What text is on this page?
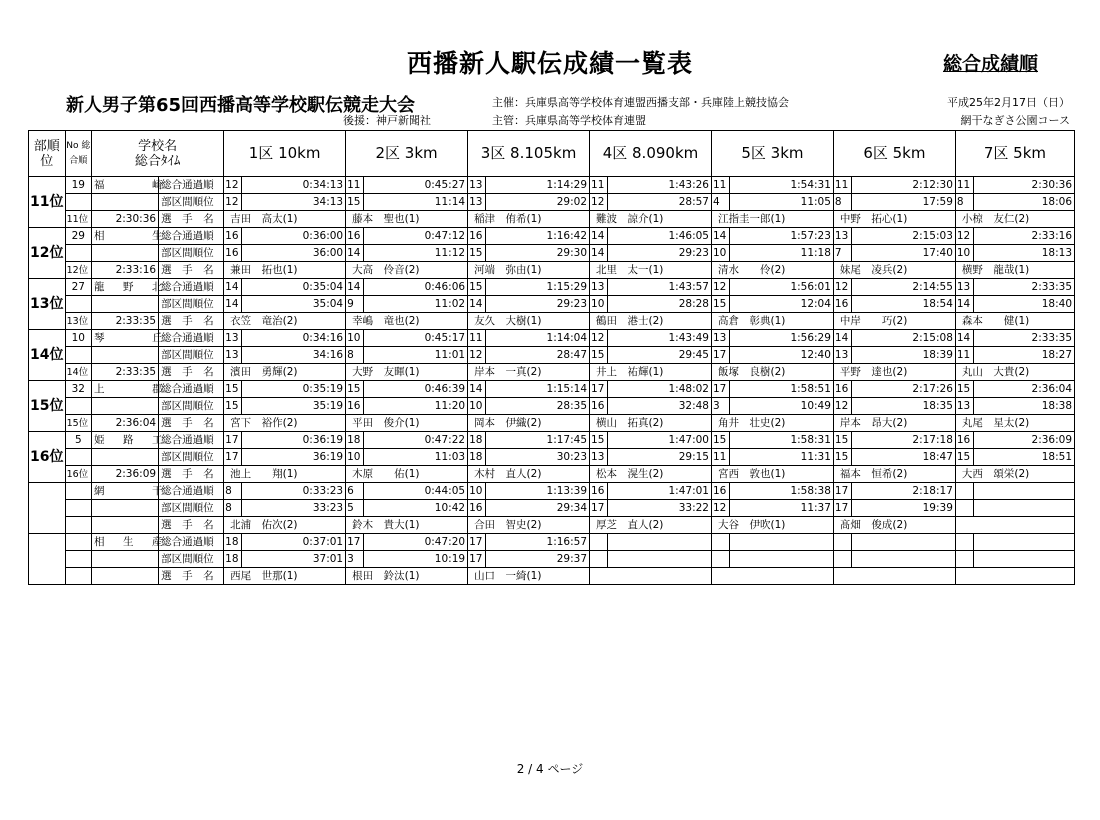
西播新人駅伝成績一覧表	総合成績順
新人男子第65回西播高等学校駅伝競走大会	主催：兵庫県高等学校体育連盟西播支部・兵庫陸上競技協会
主管：兵庫県高等学校体育連盟
後援：神戸新聞社
平成25年2月17日（日）
網干なぎさ公園コース
部順位	No 総合順	学校名
総合ﾀｲﾑ		1区 10km		2区 3km		3区 8.105km		4区 8.090km		5区 3km		6区 5km		7区 5km	
11位	19	福　　　崎	総合通過順	12	0:34:13	11	0:45:27	13	1:14:29	11	1:43:26	11	1:54:31	11	2:12:30	11	2:30:36
			部区間順位	12	34:13	15	11:14	13	29:02	12	28:57	4	11:05	8	17:59	8	18:06
	11位	2:30:36	選　手　名	吉田　高太(1)		藤本　聖也(1)		稲津　侑希(1)		難波　諒介(1)		江指圭一郎(1)		中野　拓心(1)		小椋　友仁(2)	
12位	29	相　　　生	総合通過順	16	0:36:00	16	0:47:12	16	1:16:42	14	1:46:05	14	1:57:23	13	2:15:03	12	2:33:16
			部区間順位	16	36:00	14	11:12	15	29:30	14	29:23	10	11:18	7	17:40	10	18:13
	12位	2:33:16	選　手　名	兼田　拓也(1)		大高　伶音(2)		河端　弥由(1)		北里　太一(1)		清水　　伶(2)		妹尾　凌兵(2)		横野　龍哉(1)	
13位	27	龍　野　北	総合通過順	14	0:35:04	14	0:46:06	15	1:15:29	13	1:43:57	12	1:56:01	12	2:14:55	13	2:33:35
			部区間順位	14	35:04	9	11:02	14	29:23	10	28:28	15	12:04	16	18:54	14	18:40
	13位	2:33:35	選　手　名	衣笠　竜治(2)		幸嶋　竜也(2)		友久　大樹(1)		鶴田　港士(2)		高倉　彰典(1)		中岸　　巧(2)		森本　　健(1)	
14位	10	琴　　　丘	総合通過順	13	0:34:16	10	0:45:17	11	1:14:04	12	1:43:49	13	1:56:29	14	2:15:08	14	2:33:35
			部区間順位	13	34:16	8	11:01	12	28:47	15	29:45	17	12:40	13	18:39	11	18:27
	14位	2:33:35	選　手　名	濱田　勇輝(2)		大野　友暉(1)		岸本　一真(2)		井上　祐輝(1)		飯塚　良樹(2)		平野　達也(2)		丸山　大貴(2)	
15位	32	上　　　郡	総合通過順	15	0:35:19	15	0:46:39	14	1:15:14	17	1:48:02	17	1:58:51	16	2:17:26	15	2:36:04
			部区間順位	15	35:19	16	11:20	10	28:35	16	32:48	3	10:49	12	18:35	13	18:38
	15位	2:36:04	選　手　名	宮下　裕作(2)		平田　俊介(1)		岡本　伊織(2)		横山　拓真(2)		角井　壮史(2)		岸本　昂大(2)		丸尾　星太(2)	
16位	5	姫　路　工	総合通過順	17	0:36:19	18	0:47:22	18	1:17:45	15	1:47:00	15	1:58:31	15	2:17:18	16	2:36:09
			部区間順位	17	36:19	10	11:03	18	30:23	13	29:15	11	11:31	15	18:47	15	18:51
	16位	2:36:09	選　手　名	池上　　翔(1)		木原　　佑(1)		木村　直人(2)		松本　滉生(2)		宮西　敦也(1)		福本　恒希(2)		大西　頌栄(2)	
		網　　　干	総合通過順	8	0:33:23	6	0:44:05	10	1:13:39	16	1:47:01	16	1:58:38	17	2:18:17		
			部区間順位	8	33:23	5	10:42	16	29:34	17	33:22	12	11:37	17	19:39		
			選　手　名	北浦　佑次(2)		鈴木　貴大(1)		合田　智史(2)		厚芝　直人(2)		大谷　伊吹(1)		髙畑　俊成(2)			
		相　生　産	総合通過順	18	0:37:01	17	0:47:20	17	1:16:57								
			部区間順位	18	37:01	3	10:19	17	29:37								
			選　手　名	西尾　世那(1)		根田　鈴汰(1)		山口　一綺(1)									
2 / 4 ページ
